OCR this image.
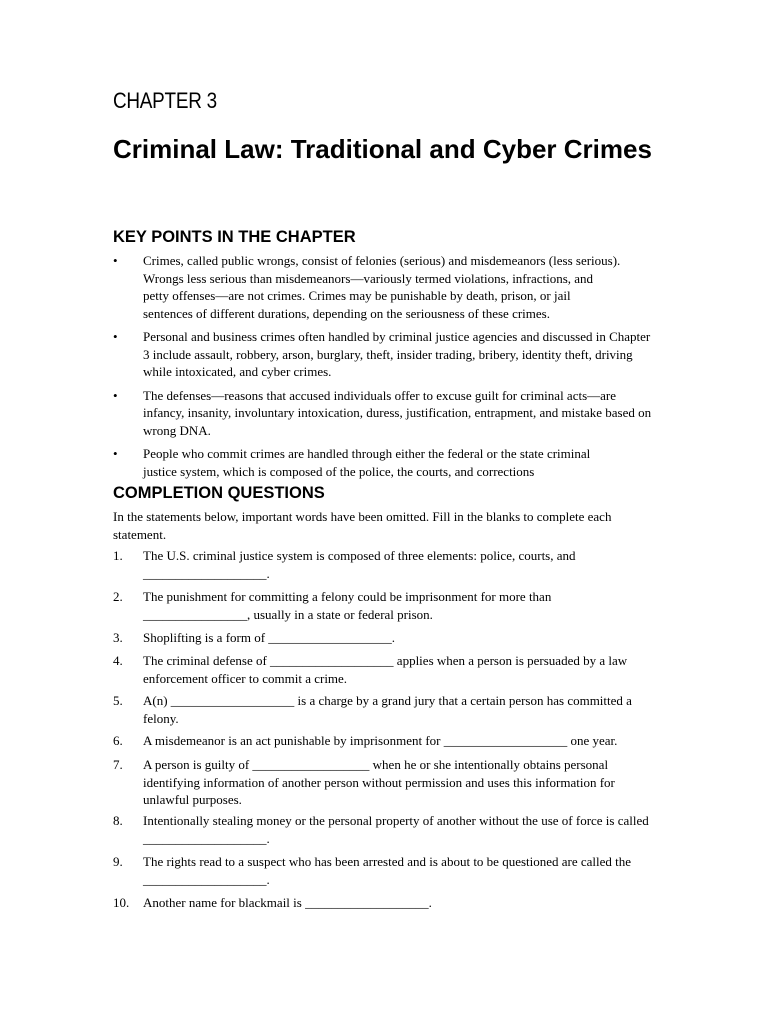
CHAPTER 3
Criminal Law: Traditional and Cyber Crimes
KEY POINTS IN THE CHAPTER
• Crimes, called public wrongs, consist of felonies (serious) and misdemeanors (less serious).
Wrongs less serious than misdemeanors—variously termed violations, infractions, and
petty offenses—are not crimes. Crimes may be punishable by death, prison, or jail
sentences of different durations, depending on the seriousness of these crimes.
• Personal and business crimes often handled by criminal justice agencies and discussed in Chapter
3 include assault, robbery, arson, burglary, theft, insider trading, bribery, identity theft, driving
while intoxicated, and cyber crimes.
• The defenses—reasons that accused individuals offer to excuse guilt for criminal acts—are
infancy, insanity, involuntary intoxication, duress, justification, entrapment, and mistake based on
wrong DNA.
• People who commit crimes are handled through either the federal or the state criminal
justice system, which is composed of the police, the courts, and corrections
COMPLETION QUESTIONS
In the statements below, important words have been omitted. Fill in the blanks to complete each
statement.
1. The U.S. criminal justice system is composed of three elements: police, courts, and
___________________.
2. The punishment for committing a felony could be imprisonment for more than
________________, usually in a state or federal prison.
3. Shoplifting is a form of ___________________.
4. The criminal defense of ___________________ applies when a person is persuaded by a law
enforcement officer to commit a crime.
5. A(n) ___________________ is a charge by a grand jury that a certain person has committed a
felony.
6. A misdemeanor is an act punishable by imprisonment for ___________________ one year.
7. A person is guilty of __________________ when he or she intentionally obtains personal
identifying information of another person without permission and uses this information for
unlawful purposes.
8. Intentionally stealing money or the personal property of another without the use of force is called
___________________.
9. The rights read to a suspect who has been arrested and is about to be questioned are called the
___________________.
10. Another name for blackmail is ___________________.
